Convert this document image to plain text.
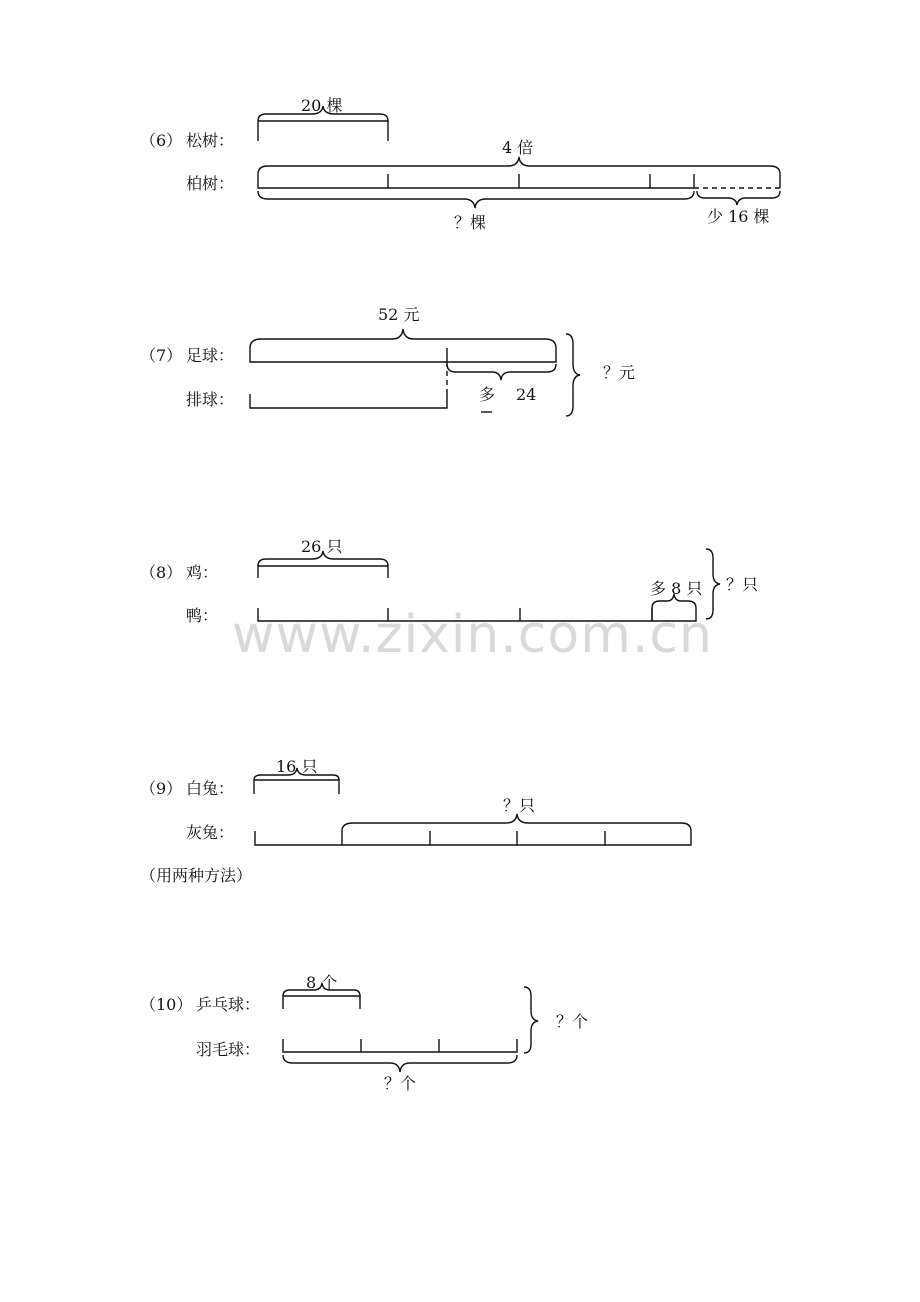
www.zixin.com.cn
（6） 松树：
柏树：
20 棵
4 倍
？棵	少 16 棵
（7） 足球：
排球：
52 元
多 24
？元
（8） 鸡：
鸭：
26 只
多 8 只 ？只
（9） 白兔：
灰兔：
16 只
？只
（用两种方法）
（10） 乒乓球：
羽毛球：
8 个
？个
？个
